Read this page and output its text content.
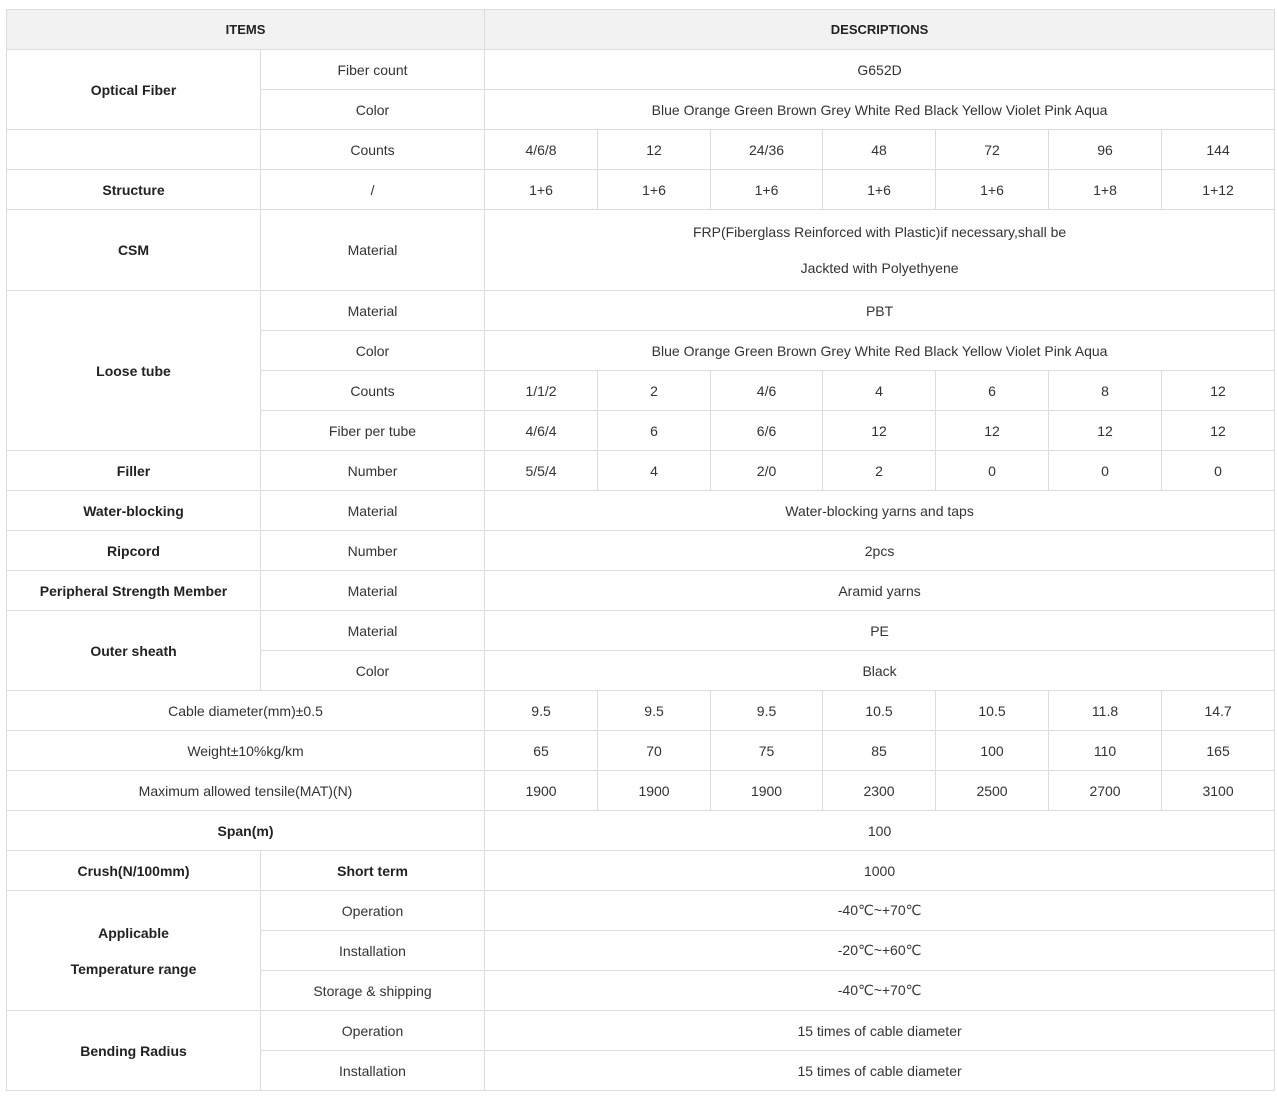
ITEMS		DESCRIPTIONS						
Optical Fiber	Fiber count	G652D						
	Color	Blue Orange Green Brown Grey White Red Black Yellow Violet Pink Aqua						
	Counts	4/6/8	12	24/36	48	72	96	144
Structure	/	1+6	1+6	1+6	1+6	1+6	1+8	1+12
CSM	Material	FRP(Fiberglass Reinforced with Plastic)if necessary,shall be
Jackted with Polyethyene						

Loose tube	Material	PBT						
	Color	Blue Orange Green Brown Grey White Red Black Yellow Violet Pink Aqua						
	Counts	1/1/2	2	4/6	4	6	8	12
	Fiber per tube	4/6/4	6	6/6	12	12	12	12
Filler	Number	5/5/4	4	2/0	2	0	0	0
Water-blocking	Material	Water-blocking yarns and taps						
Ripcord	Number	2pcs						
Peripheral Strength Member	Material	Aramid yarns						
Outer sheath	Material	PE						
	Color	Black						
Cable diameter(mm)±0.5		9.5	9.5	9.5	10.5	10.5	11.8	14.7
Weight±10%kg/km		65	70	75	85	100	110	165
Maximum allowed tensile(MAT)(N)		1900	1900	1900	2300	2500	2700	3100
Span(m)		100						
Crush(N/100mm)	Short term	1000						

Applicable
Temperature range	Operation	-40℃~+70℃						
	Installation	-20℃~+60℃						
	Storage & shipping	-40℃~+70℃						
Bending Radius	Operation	15 times of cable diameter						
	Installation	15 times of cable diameter						
